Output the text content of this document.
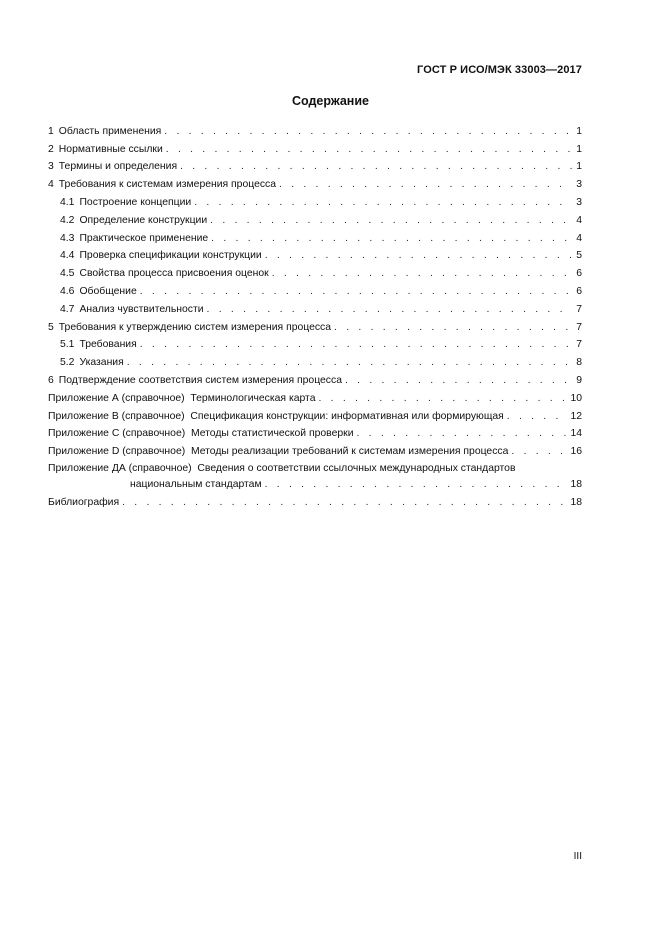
ГОСТ Р ИСО/МЭК 33003—2017
Содержание
1 Область применения . . .	1
2 Нормативные ссылки . . .	1
3 Термины и определения . . .	1
4 Требования к системам измерения процесса . . .	3
4.1 Построение концепции . . .	3
4.2 Определение конструкции . . .	4
4.3 Практическое применение . . .	4
4.4 Проверка спецификации конструкции . . .	5
4.5 Свойства процесса присвоения оценок . . .	6
4.6 Обобщение . . .	6
4.7 Анализ чувствительности . . .	7
5 Требования к утверждению систем измерения процесса . . .	7
5.1 Требования . . .	7
5.2 Указания . . .	8
6 Подтверждение соответствия систем измерения процесса . . .	9
Приложение А (справочное)  Терминологическая карта . . .	10
Приложение В (справочное)  Спецификация конструкции: информативная или формирующая . . .	12
Приложение С (справочное)  Методы статистической проверки . . .	14
Приложение D (справочное)  Методы реализации требований к системам измерения процесса . . .	16
Приложение ДА (справочное)  Сведения о соответствии ссылочных международных стандартов
национальным стандартам . . .	18
Библиография . . .	18
III
